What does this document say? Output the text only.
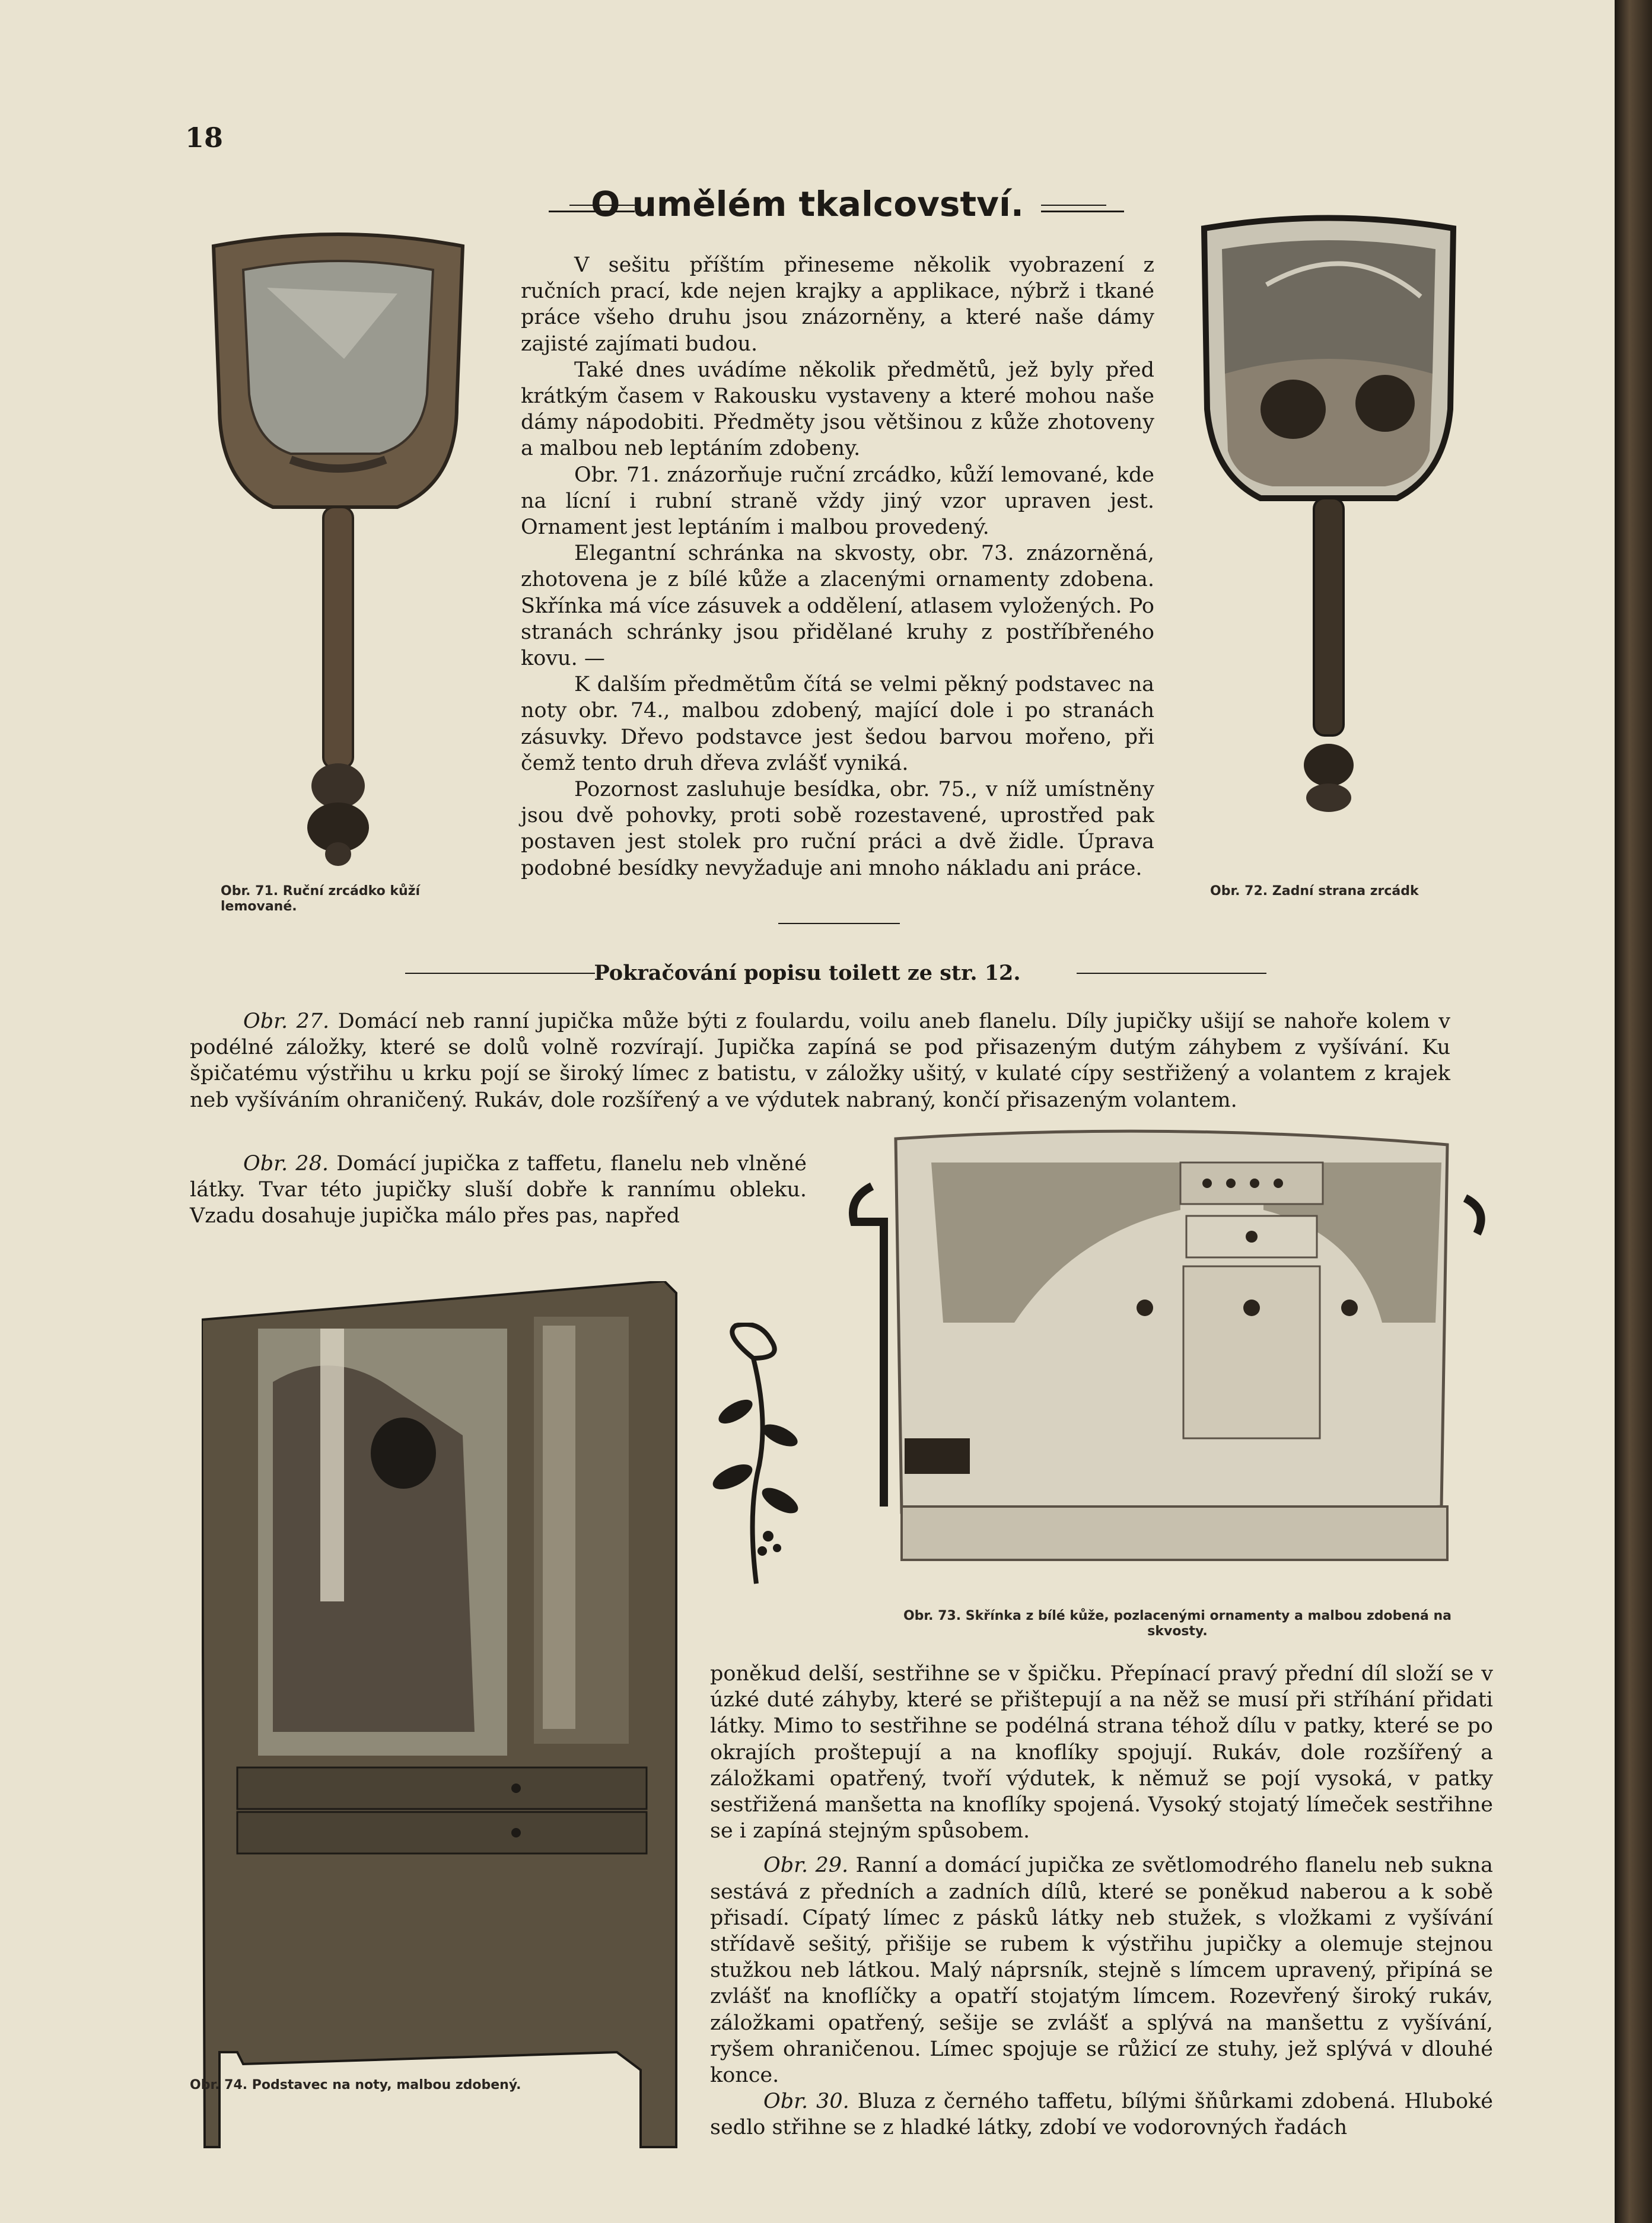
18
O umělém tkalcovství.
Obr. 71. Ruční zrcádko kůží lemované.

V sešitu příštím přineseme několik vyobrazení z ručních prací, kde nejen krajky a applikace, nýbrž i tkané práce všeho druhu jsou znázorněny, a které naše dámy zajisté zajímati budou.

Také dnes uvádíme několik předmětů, jež byly před krátkým časem v Rakousku vystaveny a které mohou naše dámy nápodobiti. Předměty jsou většinou z kůže zhotoveny a malbou neb leptáním zdobeny.

Obr. 71. znázorňuje ruční zrcádko, kůží lemované, kde na lícní i rubní straně vždy jiný vzor upraven jest. Ornament jest leptáním i malbou provedený.

Elegantní schránka na skvosty, obr. 73. znázorněná, zhotovena je z bílé kůže a zlacenými ornamenty zdobena. Skřínka má více zásuvek a oddělení, atlasem vyložených. Po stranách schránky jsou přidělané kruhy z postříbřeného kovu. —

K dalším předmětům čítá se velmi pěkný podstavec na noty obr. 74., malbou zdobený, mající dole i po stranách zásuvky. Dřevo podstavce jest šedou barvou mořeno, při čemž tento druh dřeva zvlášť vyniká.

Pozornost zasluhuje besídka, obr. 75., v níž umístněny jsou dvě pohovky, proti sobě rozestavené, uprostřed pak postaven jest stolek pro ruční práci a dvě židle. Úprava podobné besídky nevyžaduje ani mnoho nákladu ani práce.

Obr. 72. Zadní strana zrcádk
Pokračování popisu toilett ze str. 12.

Obr. 27. Domácí neb ranní jupička může býti z foulardu, voilu aneb flanelu. Díly jupičky ušijí se nahoře kolem v podélné záložky, které se dolů volně rozvírají. Jupička zapíná se pod přisazeným dutým záhybem z vyšívání. Ku špičatému výstřihu u krku pojí se široký límec z batistu, v záložky ušitý, v kulaté cípy sestřižený a volantem z krajek neb vyšíváním ohraničený. Rukáv, dole rozšířený a ve výdutek nabraný, končí přisazeným volantem.

Obr. 28. Domácí jupička z taffetu, flanelu neb vlněné látky. Tvar této jupičky sluší dobře k rannímu obleku. Vzadu dosahuje jupička málo přes pas, napřed

Obr. 73. Skřínka z bílé kůže, pozlacenými ornamenty a malbou zdobená na skvosty.
Obr. 74. Podstavec na noty, malbou zdobený.

poněkud delší, sestřihne se v špičku. Přepínací pravý přední díl složí se v úzké duté záhyby, které se přištepují a na něž se musí při stříhání přidati látky. Mimo to sestřihne se podélná strana téhož dílu v patky, které se po okrajích proštepují a na knoflíky spojují. Rukáv, dole rozšířený a záložkami opatřený, tvoří výdutek, k němuž se pojí vysoká, v patky sestřižená manšetta na knoflíky spojená. Vysoký stojatý límeček sestřihne se i zapíná stejným spůsobem.

Obr. 29. Ranní a domácí jupička ze světlomodrého flanelu neb sukna sestává z předních a zadních dílů, které se poněkud naberou a k sobě přisadí. Cípatý límec z pásků látky neb stužek, s vložkami z vyšívání střídavě sešitý, přišije se rubem k výstřihu jupičky a olemuje stejnou stužkou neb látkou. Malý náprsník, stejně s límcem upravený, připíná se zvlášť na knoflíčky a opatří stojatým límcem. Rozevřený široký rukáv, záložkami opatřený, sešije se zvlášť a splývá na manšettu z vyšívání, ryšem ohraničenou. Límec spojuje se růžicí ze stuhy, jež splývá v dlouhé konce.

Obr. 30. Bluza z černého taffetu, bílými šňůrkami zdobená. Hluboké sedlo střihne se z hladké látky, zdobí ve vodorovných řadách
